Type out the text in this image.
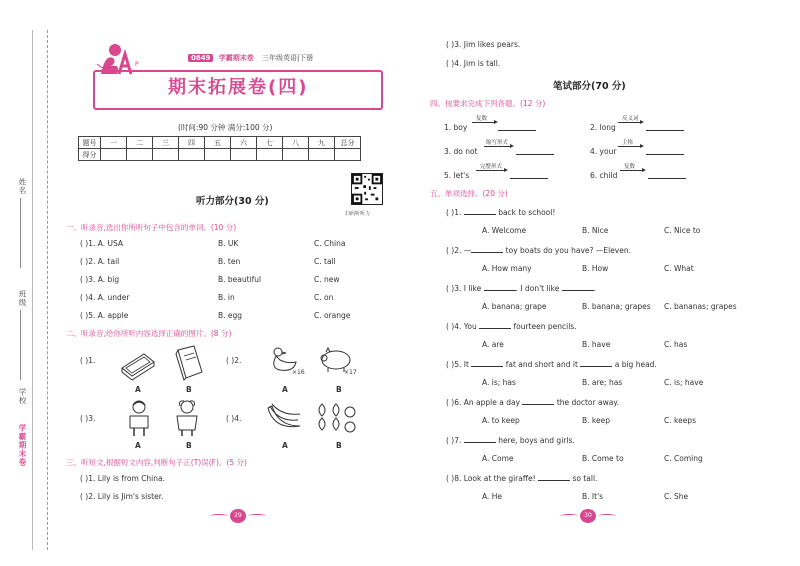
姓名
班级
学校
学霸期末卷
P
0849 学霸期末卷 三年级英语|下册
期末拓展卷(四)
(时间:90 分钟 满分:100 分)
题号	一	二	三	四	五	六	七	八	九	总分
得分										
扫码听听力
听力部分(30 分)
一、听录音,选出你所听句子中包含的单词。(10 分)
( )1. A. USA	B. UK	C. China
( )2. A. tail	B. ten	C. tall
( )3. A. big	B. beautiful	C. new
( )4. A. under	B. in	C. on
( )5. A. apple	B. egg	C. orange
二、听录音,给你所听内容选择正确的图片。(8 分)
( )1.
A	B
( )2.
×16
A
×17
B
( )3.
A	B
( )4.
A	B
三、听短文,根据短文内容,判断句子正(T)误(F)。(5 分)
( )1. Lily is from China.
( )2. Lily is Jim's sister.
29
( )3. Jim likes pears.
( )4. Jim is tall.
笔试部分(70 分)
四、按要求完成下列各题。(12 分)
1. boy
复数
2. long
反义词
3. do not
缩写形式
4. your
主格
5. let's
完整形式
6. child
复数
五、单项选择。(20 分)
( )1.	back to school!
A. Welcome	B. Nice	C. Nice to
( )2. —	toy boats do you have? —Eleven.
A. How many	B. How	C. What
( )3. I like	. I don't like	.
A. banana; grape	B. banana; grapes C. bananas; grapes
( )4. You	fourteen pencils.
A. are	B. have	C. has
( )5. It	fat and short and it	a big head.
A. is; has	B. are; has	C. is; have
( )6. An apple a day	the doctor away.
A. to keep	B. keep	C. keeps
( )7.	here, boys and girls.
A. Come	B. Come to	C. Coming
( )8. Look at the giraffe!	so tall.
A. He	B. It's	C. She
30
